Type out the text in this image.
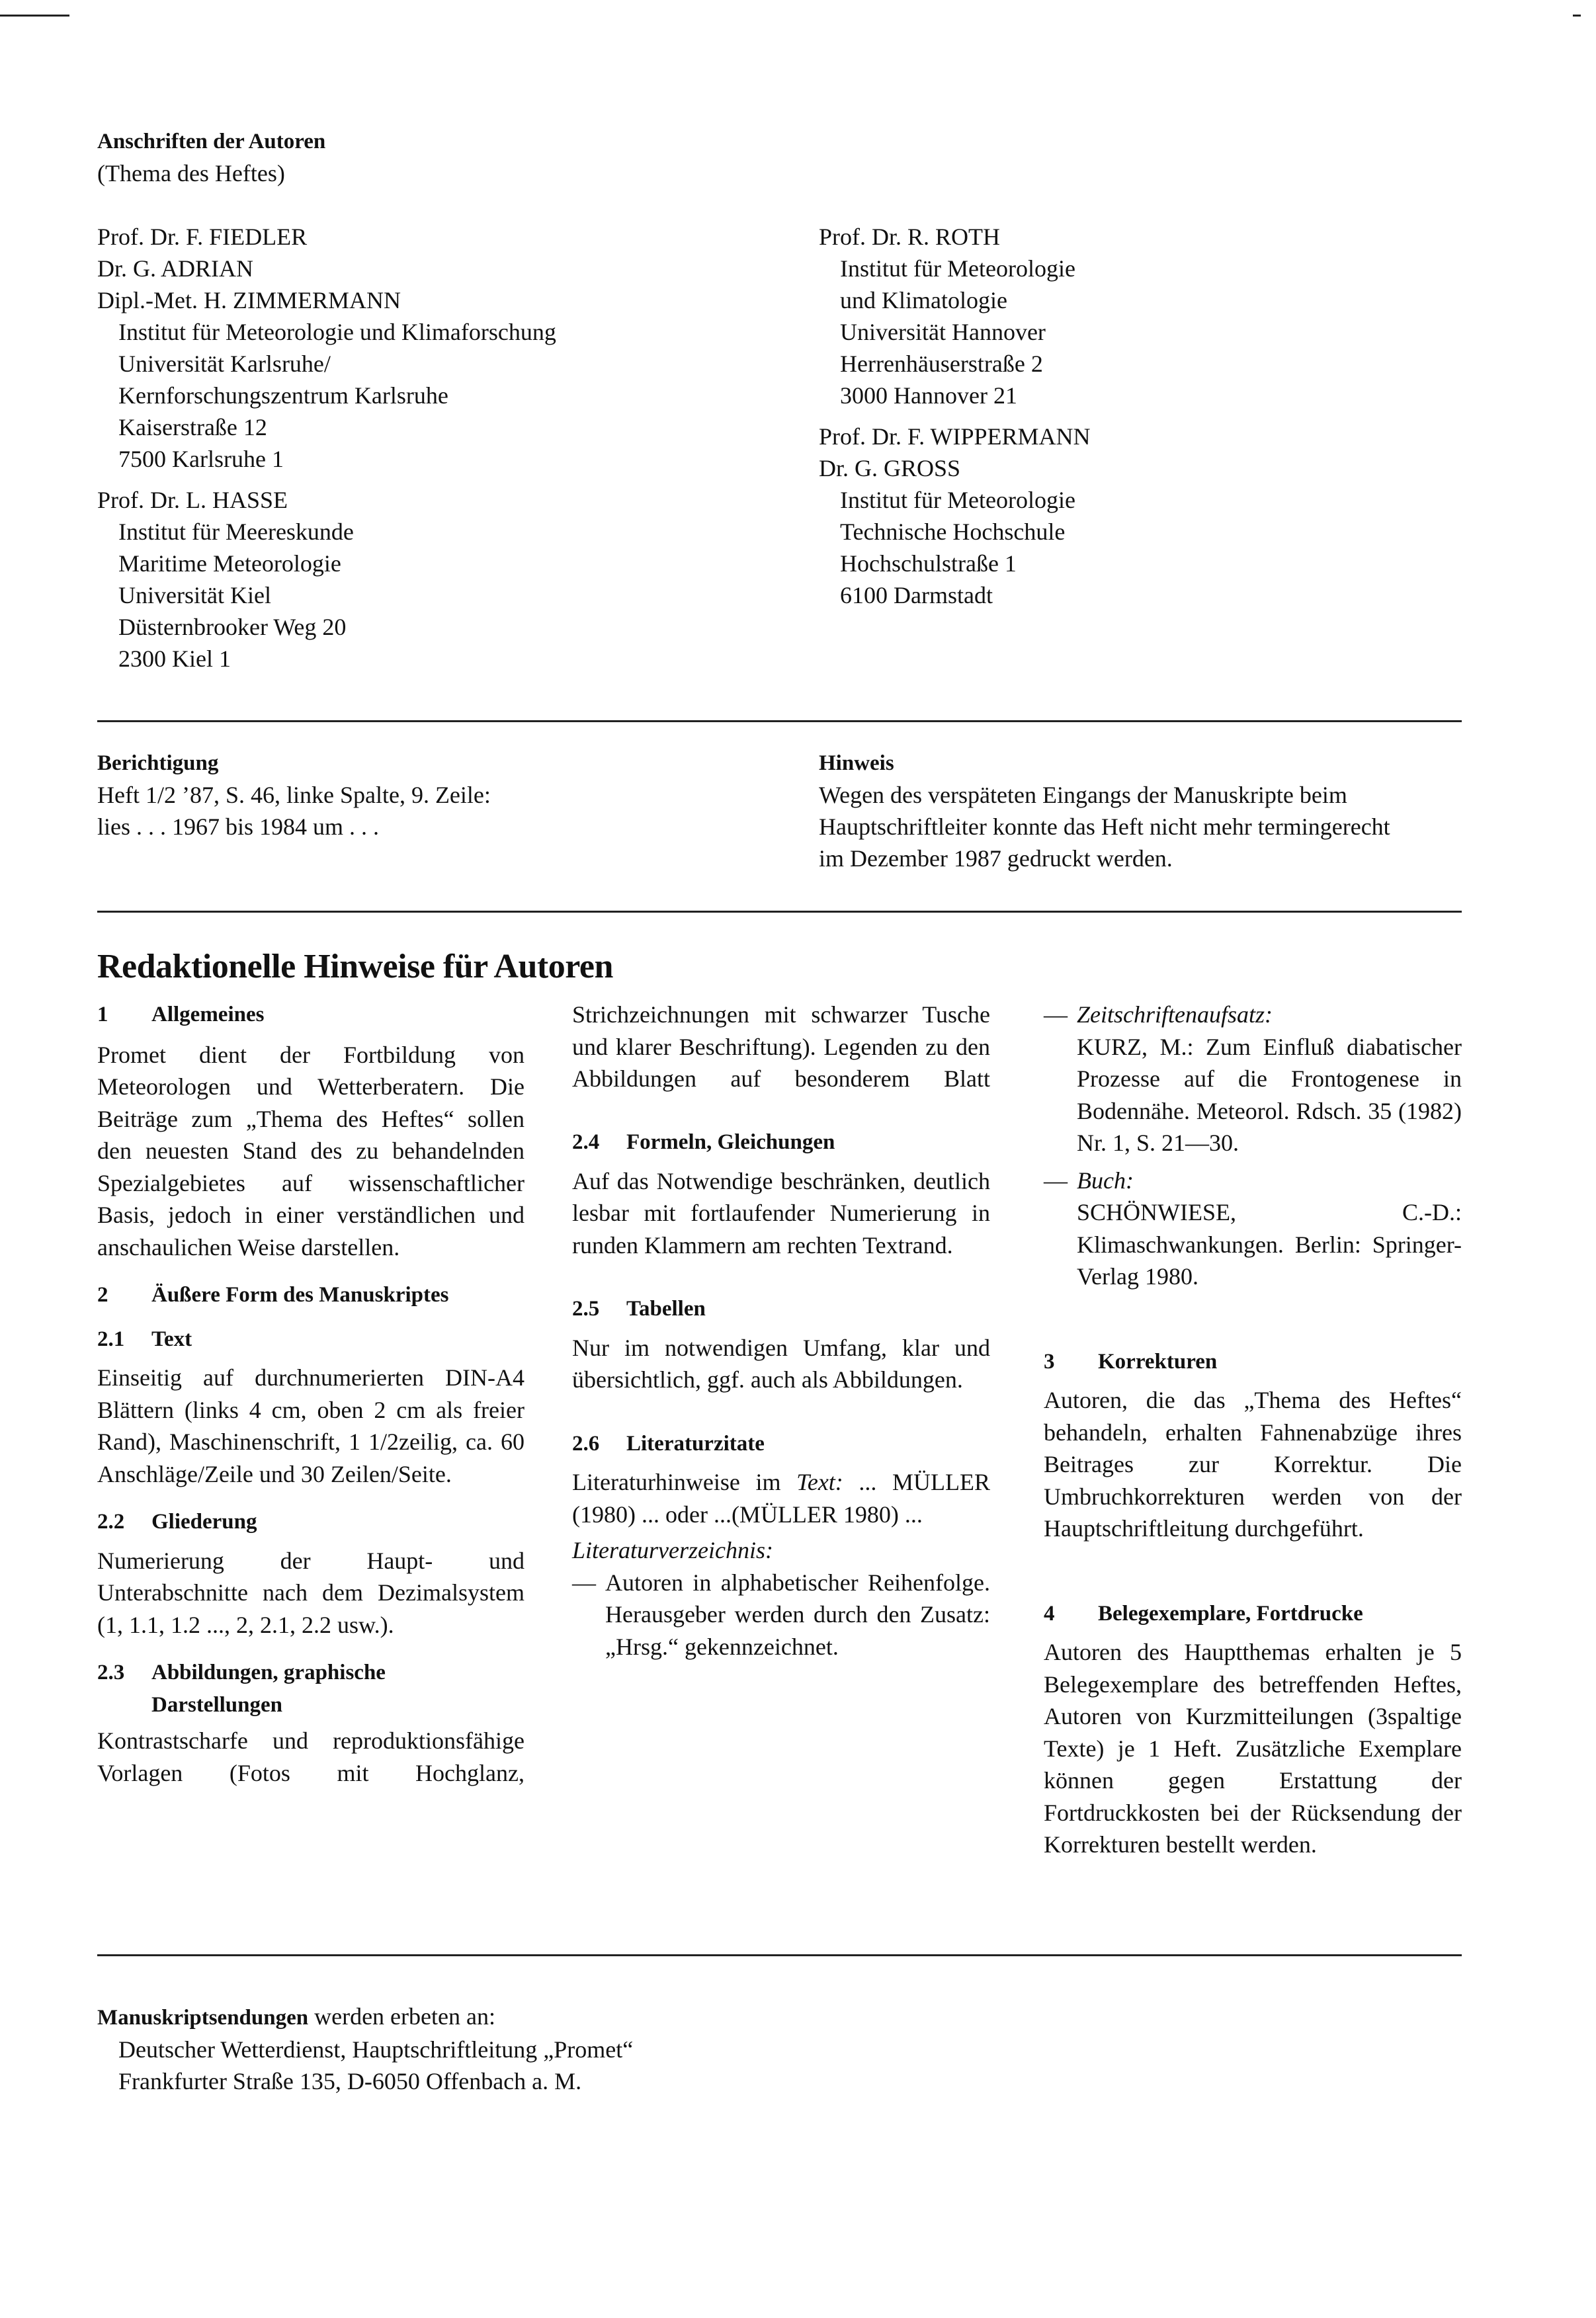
Anschriften der Autoren
(Thema des Heftes)
Prof. Dr. F. FIEDLER
Dr. G. ADRIAN
Dipl.-Met. H. ZIMMERMANN
Institut für Meteorologie und Klimaforschung
Universität Karlsruhe/
Kernforschungszentrum Karlsruhe
Kaiserstraße 12
7500 Karlsruhe 1
Prof. Dr. L. HASSE
Institut für Meereskunde
Maritime Meteorologie
Universität Kiel
Düsternbrooker Weg 20
2300 Kiel 1
Prof. Dr. R. ROTH
Institut für Meteorologie
und Klimatologie
Universität Hannover
Herrenhäuserstraße 2
3000 Hannover 21
Prof. Dr. F. WIPPERMANN
Dr. G. GROSS
Institut für Meteorologie
Technische Hochschule
Hochschulstraße 1
6100 Darmstadt
Berichtigung
Heft 1/2 ’87, S. 46, linke Spalte, 9. Zeile:
lies . . . 1967 bis 1984 um . . .
Hinweis
Wegen des verspäteten Eingangs der Manuskripte beim
Hauptschriftleiter konnte das Heft nicht mehr termingerecht
im Dezember 1987 gedruckt werden.
Redaktionelle Hinweise für Autoren
1	Allgemeines

Promet dient der Fortbildung von Meteorologen und Wetterberatern. Die Beiträge zum „Thema des Heftes“ sollen den neuesten Stand des zu behandelnden Spezialgebietes auf wissenschaftlicher Basis, jedoch in einer verständlichen und anschaulichen Weise darstellen.

2	Äußere Form des Manuskriptes
2.1	Text

Einseitig auf durchnumerierten DIN-A4 Blättern (links 4 cm, oben 2 cm als freier Rand), Maschinenschrift, 1 1/2zeilig, ca. 60 Anschläge/Zeile und 30 Zeilen/Seite.

2.2	Gliederung

Numerierung der Haupt- und Unterabschnitte nach dem Dezimalsystem (1, 1.1, 1.2 ..., 2, 2.1, 2.2 usw.).

2.3	Abbildungen, graphische
Darstellungen

Kontrastscharfe und reproduktionsfähige Vorlagen (Fotos mit Hochglanz,

Strichzeichnungen mit schwarzer Tusche und klarer Beschriftung). Legenden zu den Abbildungen auf besonderem Blatt

2.4	Formeln, Gleichungen

Auf das Notwendige beschränken, deutlich lesbar mit fortlaufender Numerierung in runden Klammern am rechten Textrand.

2.5	Tabellen

Nur im notwendigen Umfang, klar und übersichtlich, ggf. auch als Abbildungen.

2.6	Literaturzitate

Literaturhinweise im Text: ... MÜLLER (1980) ... oder ...(MÜLLER 1980) ...

Literaturverzeichnis:
— Autoren in alphabetischer Reihenfolge. Herausgeber werden durch den Zusatz: „Hrsg.“ gekennzeichnet.
— Zeitschriftenaufsatz:

KURZ, M.: Zum Einfluß diabatischer Prozesse auf die Frontogenese in Bodennähe. Meteorol. Rdsch. 35 (1982) Nr. 1, S. 21—30.

— Buch:

SCHÖNWIESE, C.-D.: Klimaschwankungen. Berlin: Springer-Verlag 1980.

3	Korrekturen

Autoren, die das „Thema des Heftes“ behandeln, erhalten Fahnenabzüge ihres Beitrages zur Korrektur. Die Umbruchkorrekturen werden von der Hauptschriftleitung durchgeführt.

4	Belegexemplare, Fortdrucke

Autoren des Hauptthemas erhalten je 5 Belegexemplare des betreffenden Heftes, Autoren von Kurzmitteilungen (3spaltige Texte) je 1 Heft. Zusätzliche Exemplare können gegen Erstattung der Fortdruckkosten bei der Rücksendung der Korrekturen bestellt werden.

Manuskriptsendungen werden erbeten an:
Deutscher Wetterdienst, Hauptschriftleitung „Promet“
Frankfurter Straße 135, D-6050 Offenbach a. M.
